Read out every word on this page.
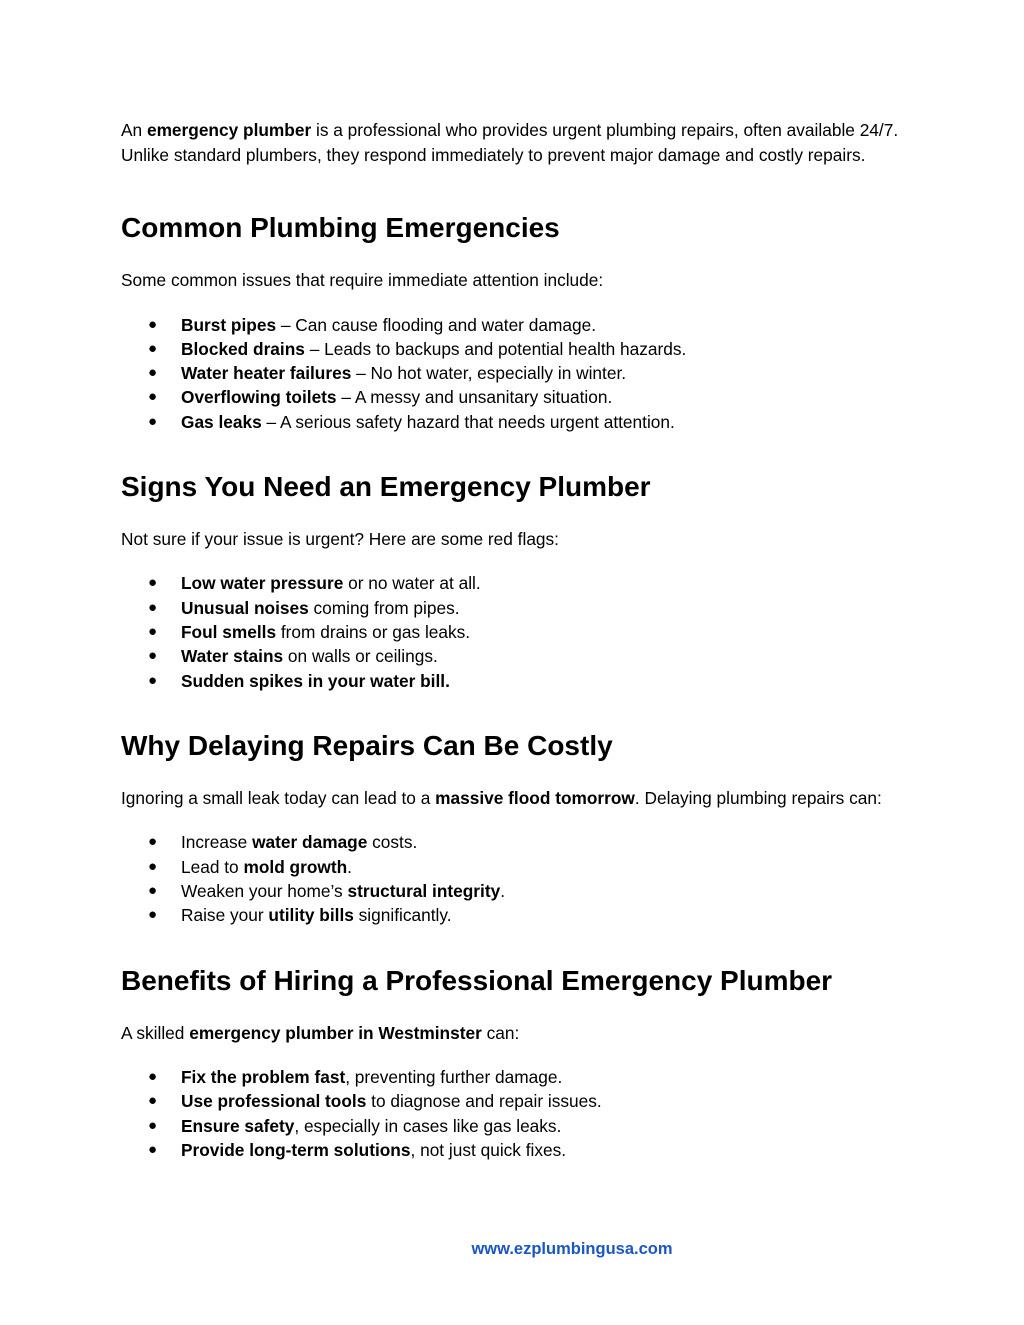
An emergency plumber is a professional who provides urgent plumbing repairs, often available 24/7. Unlike standard plumbers, they respond immediately to prevent major damage and costly repairs.

Common Plumbing Emergencies

Some common issues that require immediate attention include:

● Burst pipes – Can cause flooding and water damage.
● Blocked drains – Leads to backups and potential health hazards.
● Water heater failures – No hot water, especially in winter.
● Overflowing toilets – A messy and unsanitary situation.
● Gas leaks – A serious safety hazard that needs urgent attention.
Signs You Need an Emergency Plumber

Not sure if your issue is urgent? Here are some red flags:

● Low water pressure or no water at all.
● Unusual noises coming from pipes.
● Foul smells from drains or gas leaks.
● Water stains on walls or ceilings.
● Sudden spikes in your water bill.
Why Delaying Repairs Can Be Costly

Ignoring a small leak today can lead to a massive flood tomorrow. Delaying plumbing repairs can:

● Increase water damage costs.
● Lead to mold growth.
● Weaken your home’s structural integrity.
● Raise your utility bills significantly.
Benefits of Hiring a Professional Emergency Plumber

A skilled emergency plumber in Westminster can:

● Fix the problem fast, preventing further damage.
● Use professional tools to diagnose and repair issues.
● Ensure safety, especially in cases like gas leaks.
● Provide long-term solutions, not just quick fixes.
www.ezplumbingusa.com
